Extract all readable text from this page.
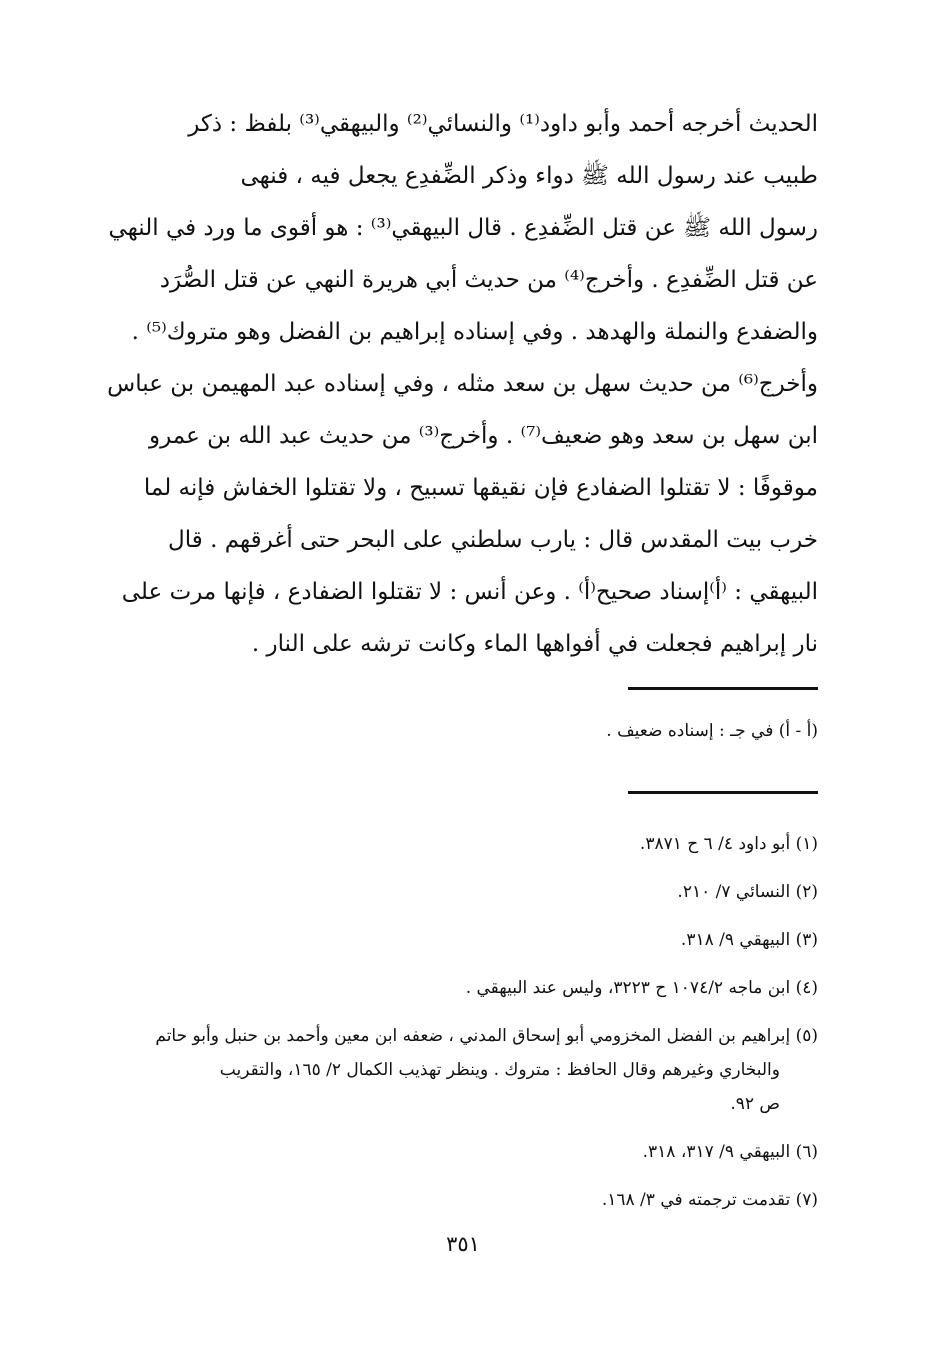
الحديث أخرجه أحمد وأبو داود⁽¹⁾ والنسائي⁽²⁾ والبيهقي⁽³⁾ بلفظ : ذكر
طبيب عند رسول الله ﷺ دواء وذكر الضِّفدِع يجعل فيه ، فنهى
رسول الله ﷺ عن قتل الضِّفدِع . قال البيهقي⁽³⁾ : هو أقوى ما ورد في النهي
عن قتل الضِّفدِع . وأخرج⁽⁴⁾ من حديث أبي هريرة النهي عن قتل الصُّرَد
والضفدع والنملة والهدهد . وفي إسناده إبراهيم بن الفضل وهو متروك⁽⁵⁾ .
وأخرج⁽⁶⁾ من حديث سهل بن سعد مثله ، وفي إسناده عبد المهيمن بن عباس
ابن سهل بن سعد وهو ضعيف⁽⁷⁾ . وأخرج⁽³⁾ من حديث عبد الله بن عمرو
موقوفًا : لا تقتلوا الضفادع فإن نقيقها تسبيح ، ولا تقتلوا الخفاش فإنه لما
خرب بيت المقدس قال : يارب سلطني على البحر حتى أغرقهم . قال
البيهقي : ⁽أ⁾إسناد صحيح⁽أ⁾ . وعن أنس : لا تقتلوا الضفادع ، فإنها مرت على
نار إبراهيم فجعلت في أفواهها الماء وكانت ترشه على النار .
(أ - أ) في جـ : إسناده ضعيف .
(١) أبو داود ٤/ ٦ ح ٣٨٧١.
(٢) النسائي ٧/ ٢١٠.
(٣) البيهقي ٩/ ٣١٨.
(٤) ابن ماجه ١٠٧٤/٢ ح ٣٢٢٣، وليس عند البيهقي .
(٥) إبراهيم بن الفضل المخزومي أبو إسحاق المدني ، ضعفه ابن معين وأحمد بن حنبل وأبو حاتم
والبخاري وغيرهم وقال الحافظ : متروك . وينظر تهذيب الكمال ٢/ ١٦٥، والتقريب
ص ٩٢.
(٦) البيهقي ٩/ ٣١٧، ٣١٨.
(٧) تقدمت ترجمته في ٣/ ١٦٨.
٣٥١
